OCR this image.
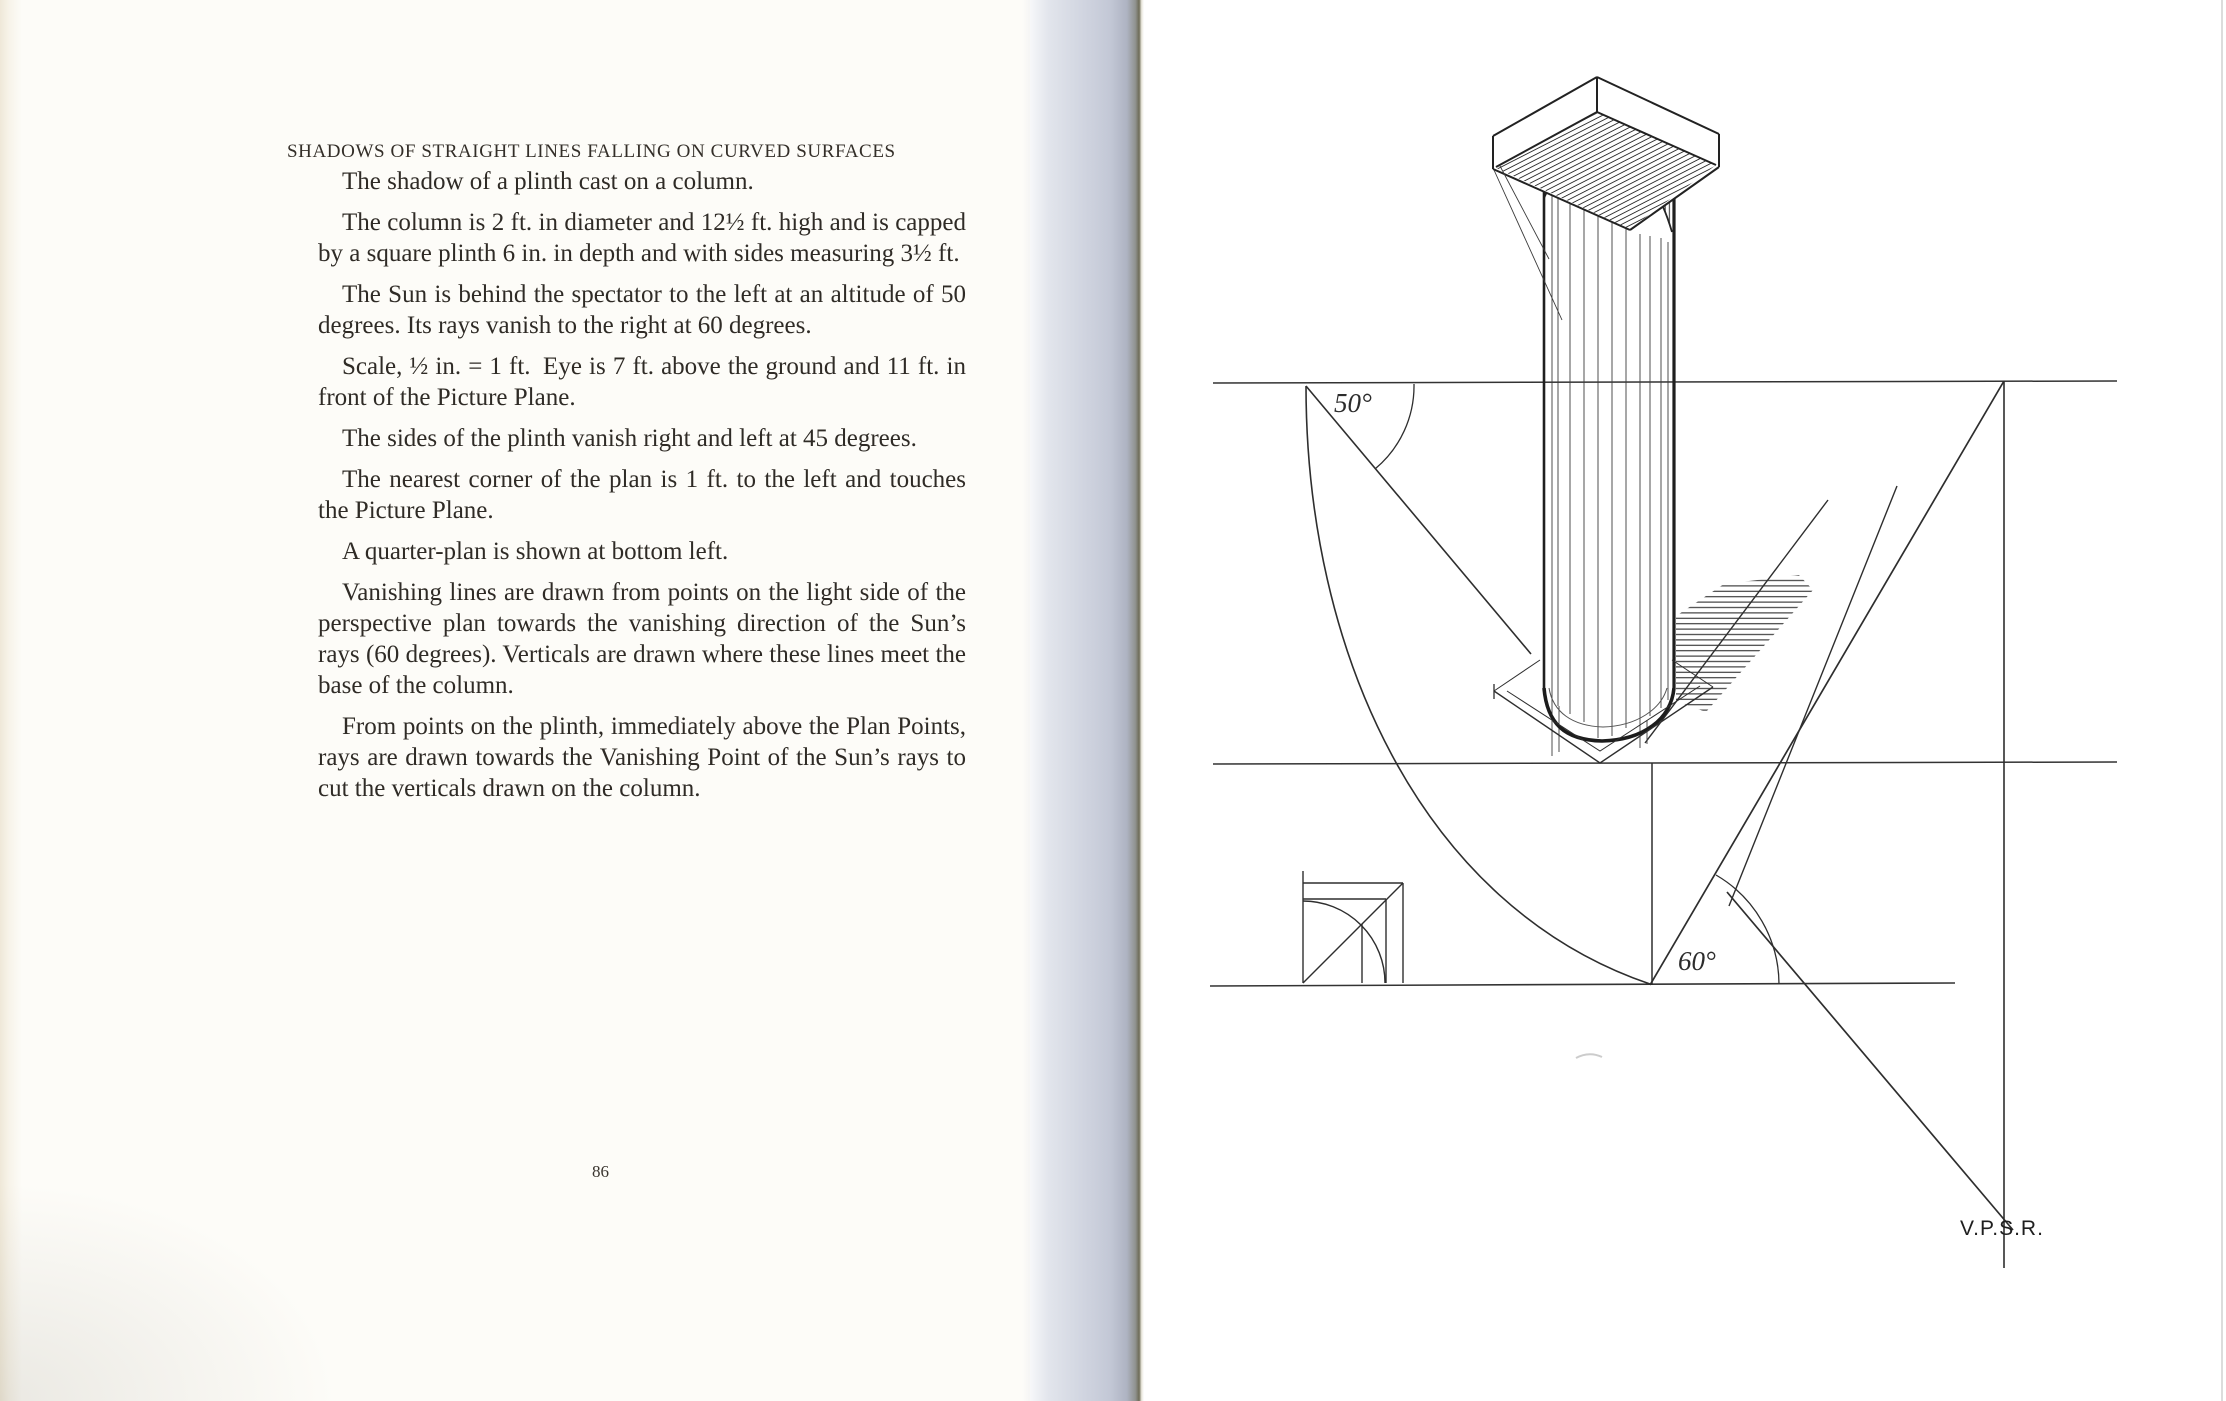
SHADOWS OF STRAIGHT LINES FALLING ON CURVED SURFACES

The shadow of a plinth cast on a column.

The column is 2 ft. in diameter and 12½ ft. high and is capped by a square plinth 6 in. in depth and with sides measuring 3½ ft.

The Sun is behind the spectator to the left at an altitude of 50 degrees. Its rays vanish to the right at 60 degrees.

Scale, ½ in. = 1 ft. Eye is 7 ft. above the ground and 11 ft. in front of the Picture Plane.

The sides of the plinth vanish right and left at 45 degrees.

The nearest corner of the plan is 1 ft. to the left and touches the Picture Plane.

A quarter-plan is shown at bottom left.

Vanishing lines are drawn from points on the light side of the perspective plan towards the vanishing direction of the Sun’s rays (60 degrees). Verticals are drawn where these lines meet the base of the column.

From points on the plinth, immediately above the Plan Points, rays are drawn towards the Vanishing Point of the Sun’s rays to cut the verticals drawn on the column.

86
50°
60°
V.P.S.R.
